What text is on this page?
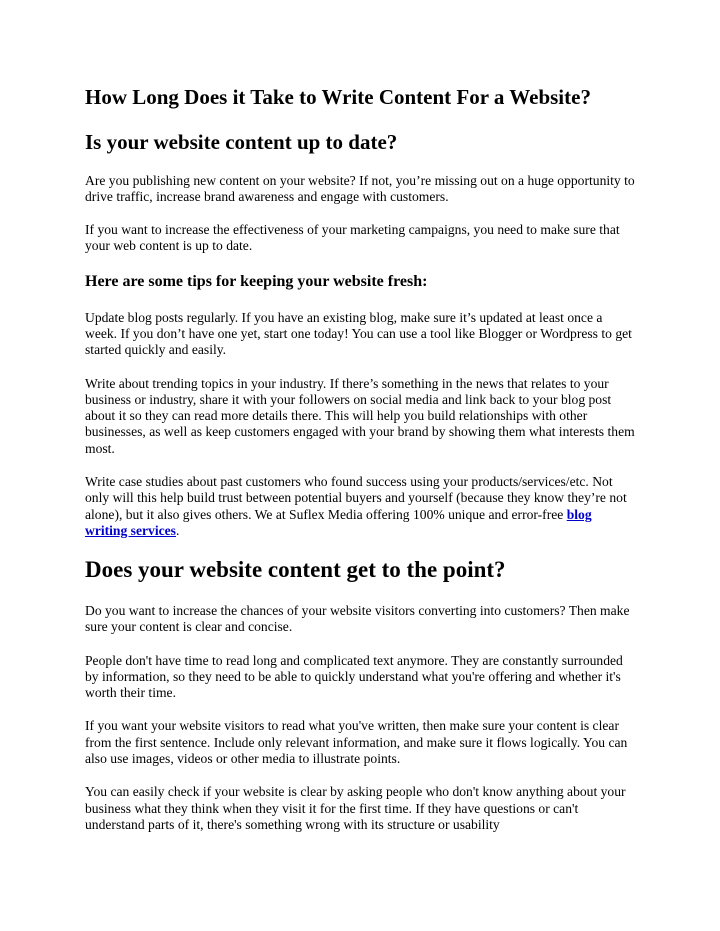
How Long Does it Take to Write Content For a Website?
Is your website content up to date?

Are you publishing new content on your website? If not, you’re missing out on a huge opportunity to drive traffic, increase brand awareness and engage with customers.

If you want to increase the effectiveness of your marketing campaigns, you need to make sure that your web content is up to date.

Here are some tips for keeping your website fresh:

Update blog posts regularly. If you have an existing blog, make sure it’s updated at least once a week. If you don’t have one yet, start one today! You can use a tool like Blogger or Wordpress to get started quickly and easily.

Write about trending topics in your industry. If there’s something in the news that relates to your business or industry, share it with your followers on social media and link back to your blog post about it so they can read more details there. This will help you build relationships with other businesses, as well as keep customers engaged with your brand by showing them what interests them most.

Write case studies about past customers who found success using your products/services/etc. Not only will this help build trust between potential buyers and yourself (because they know they’re not alone), but it also gives others. We at Suflex Media offering 100% unique and error-free blog writing services.

Does your website content get to the point?

Do you want to increase the chances of your website visitors converting into customers? Then make sure your content is clear and concise.

People don't have time to read long and complicated text anymore. They are constantly surrounded by information, so they need to be able to quickly understand what you're offering and whether it's worth their time.

If you want your website visitors to read what you've written, then make sure your content is clear from the first sentence. Include only relevant information, and make sure it flows logically. You can also use images, videos or other media to illustrate points.

You can easily check if your website is clear by asking people who don't know anything about your business what they think when they visit it for the first time. If they have questions or can't understand parts of it, there's something wrong with its structure or usability
